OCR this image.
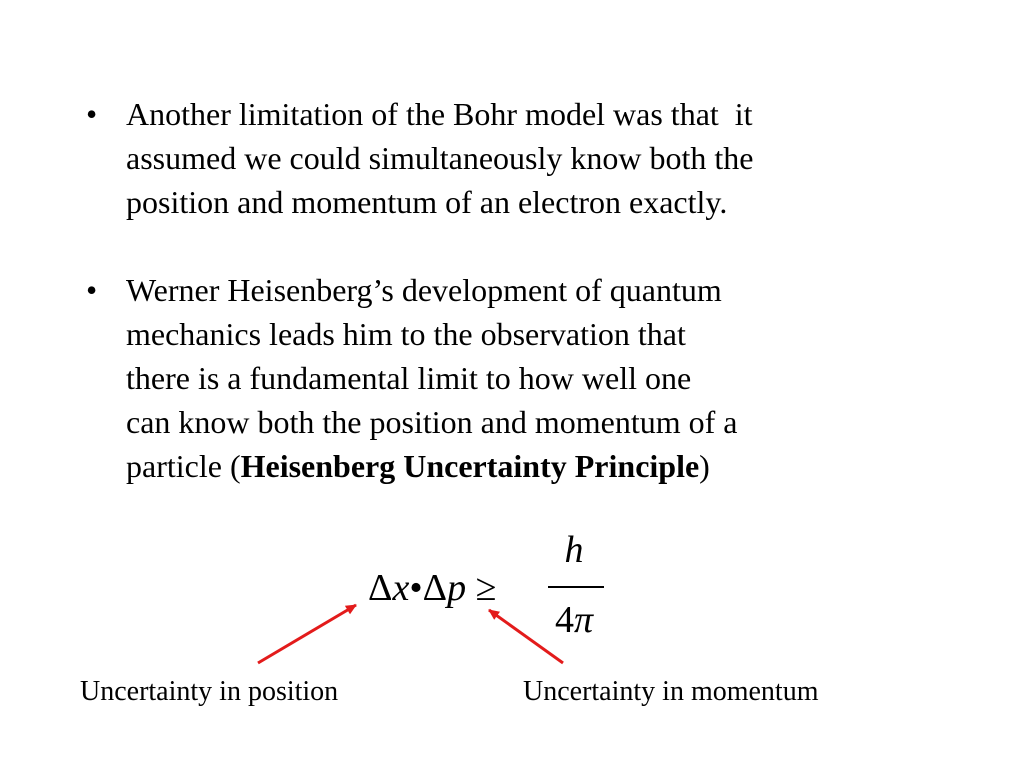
• Another limitation of the Bohr model was that  it
assumed we could simultaneously know both the
position and momentum of an electron exactly.
• Werner Heisenberg’s development of quantum
mechanics leads him to the observation that
there is a fundamental limit to how well one
can know both the position and momentum of a
particle (Heisenberg Uncertainty Principle)
Δx•Δp ≥
h
4π
Uncertainty in position	Uncertainty in momentum
